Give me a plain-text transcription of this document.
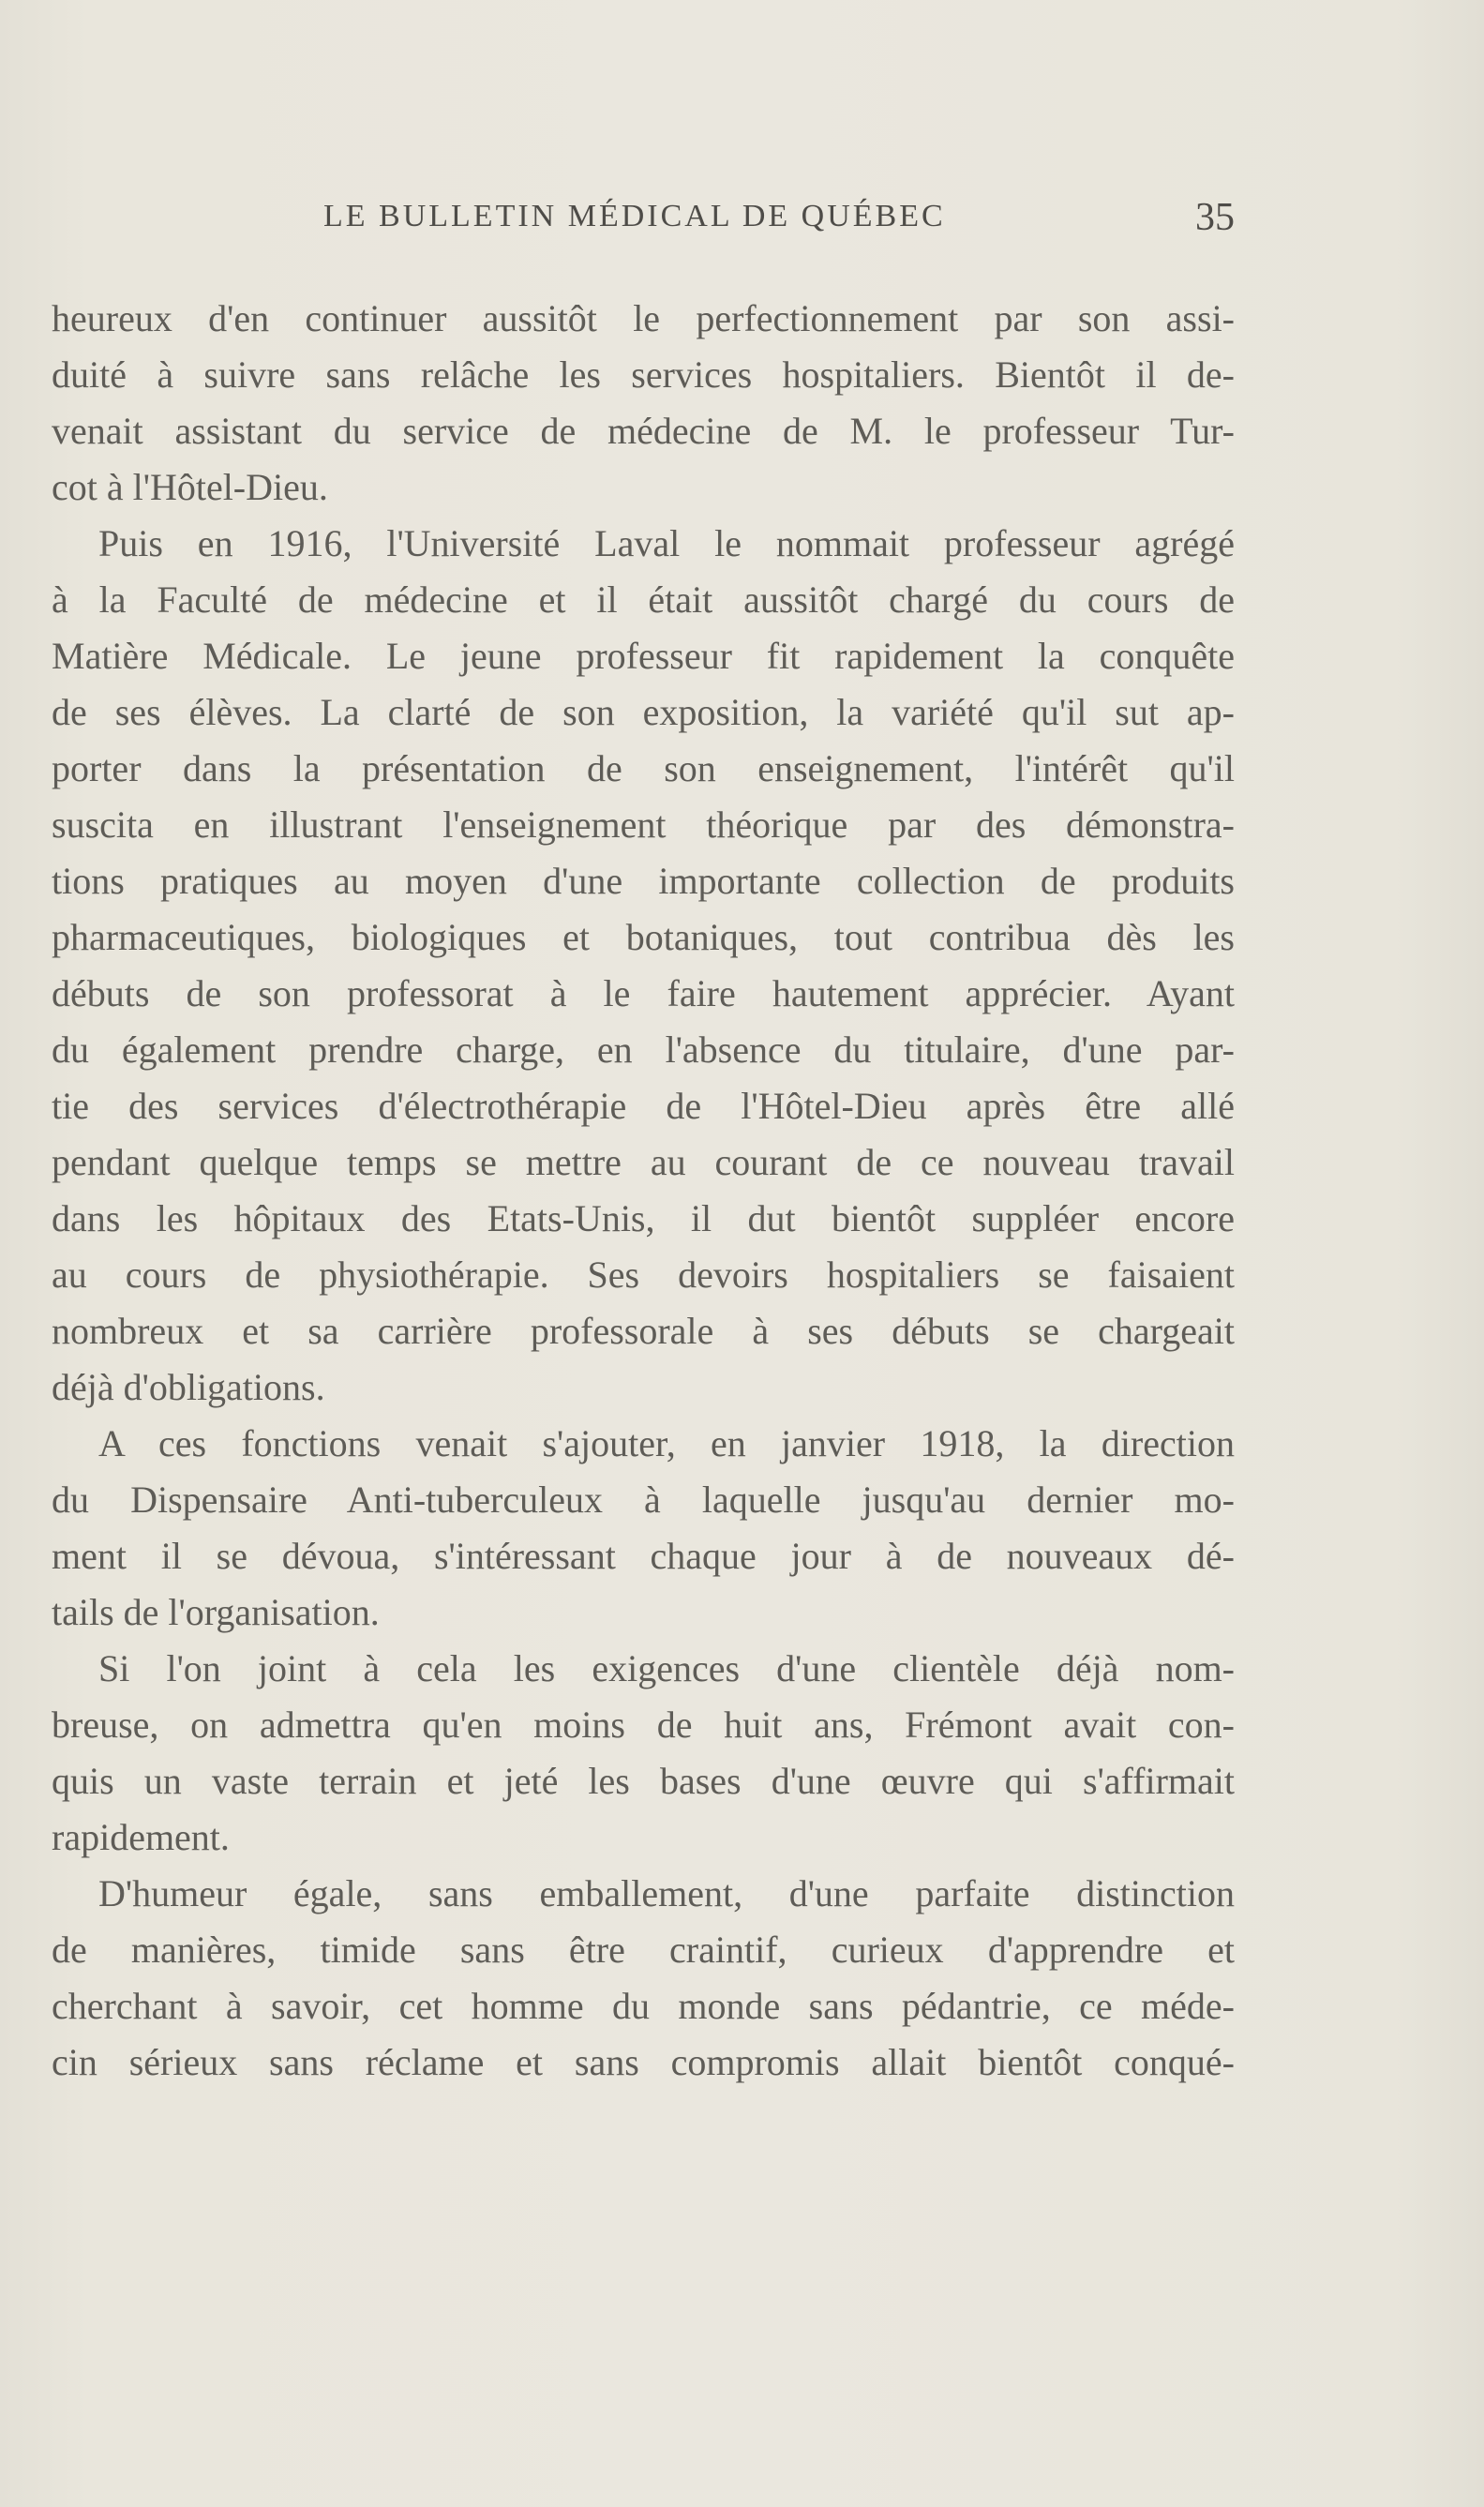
LE BULLETIN MÉDICAL DE QUÉBEC	35
heureux d'en continuer aussitôt le perfectionnement par son assi-
duité à suivre sans relâche les services hospitaliers. Bientôt il de-
venait assistant du service de médecine de M. le professeur Tur-
cot à l'Hôtel-Dieu.
Puis en 1916, l'Université Laval le nommait professeur agrégé
à la Faculté de médecine et il était aussitôt chargé du cours de
Matière Médicale. Le jeune professeur fit rapidement la conquête
de ses élèves. La clarté de son exposition, la variété qu'il sut ap-
porter dans la présentation de son enseignement, l'intérêt qu'il
suscita en illustrant l'enseignement théorique par des démonstra-
tions pratiques au moyen d'une importante collection de produits
pharmaceutiques, biologiques et botaniques, tout contribua dès les
débuts de son professorat à le faire hautement apprécier. Ayant
du également prendre charge, en l'absence du titulaire, d'une par-
tie des services d'électrothérapie de l'Hôtel-Dieu après être allé
pendant quelque temps se mettre au courant de ce nouveau travail
dans les hôpitaux des Etats-Unis, il dut bientôt suppléer encore
au cours de physiothérapie. Ses devoirs hospitaliers se faisaient
nombreux et sa carrière professorale à ses débuts se chargeait
déjà d'obligations.
A ces fonctions venait s'ajouter, en janvier 1918, la direction
du Dispensaire Anti-tuberculeux à laquelle jusqu'au dernier mo-
ment il se dévoua, s'intéressant chaque jour à de nouveaux dé-
tails de l'organisation.
Si l'on joint à cela les exigences d'une clientèle déjà nom-
breuse, on admettra qu'en moins de huit ans, Frémont avait con-
quis un vaste terrain et jeté les bases d'une œuvre qui s'affirmait
rapidement.
D'humeur égale, sans emballement, d'une parfaite distinction
de manières, timide sans être craintif, curieux d'apprendre et
cherchant à savoir, cet homme du monde sans pédantrie, ce méde-
cin sérieux sans réclame et sans compromis allait bientôt conqué-
